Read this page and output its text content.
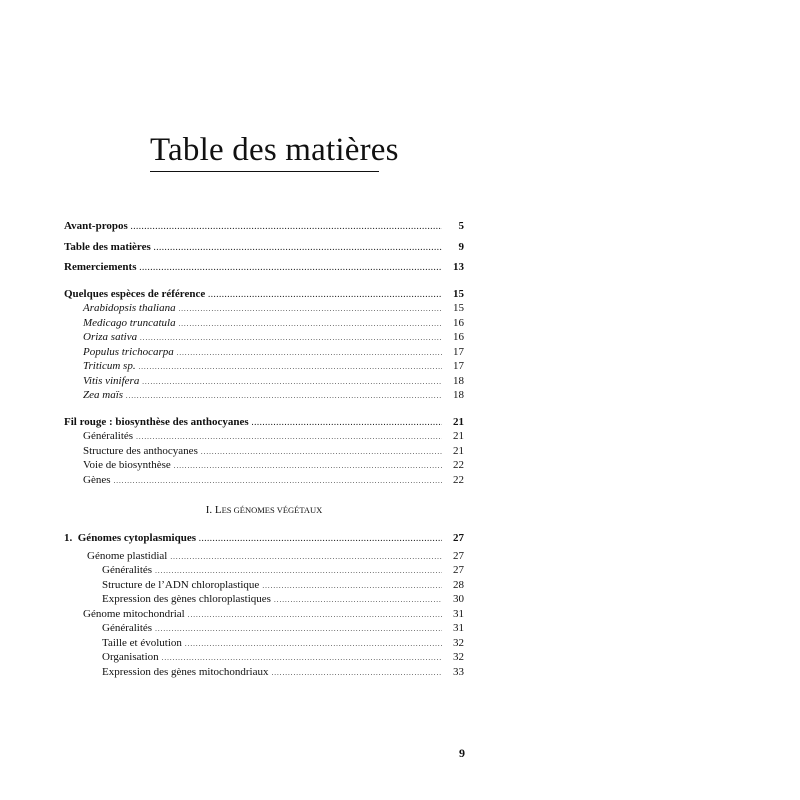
Table des matières
Avant-propos .....	5
Table des matières .....	9
Remerciements .....	13
Quelques espèces de référence .....	15
Arabidopsis thaliana .....	15
Medicago truncatula .....	16
Oriza sativa .....	16
Populus trichocarpa .....	17
Triticum sp. .....	17
Vitis vinifera .....	18
Zea maïs .....	18
Fil rouge : biosynthèse des anthocyanes .....	21
Généralités .....	21
Structure des anthocyanes .....	21
Voie de biosynthèse .....	22
Gènes .....	22
I. LES GÉNOMES VÉGÉTAUX
1.  Génomes cytoplasmiques .....	27
Génome plastidial .....	27
Généralités .....	27
Structure de l’ADN chloroplastique .....	28
Expression des gènes chloroplastiques .....	30
Génome mitochondrial .....	31
Généralités .....	31
Taille et évolution .....	32
Organisation .....	32
Expression des gènes mitochondriaux .....	33
9
